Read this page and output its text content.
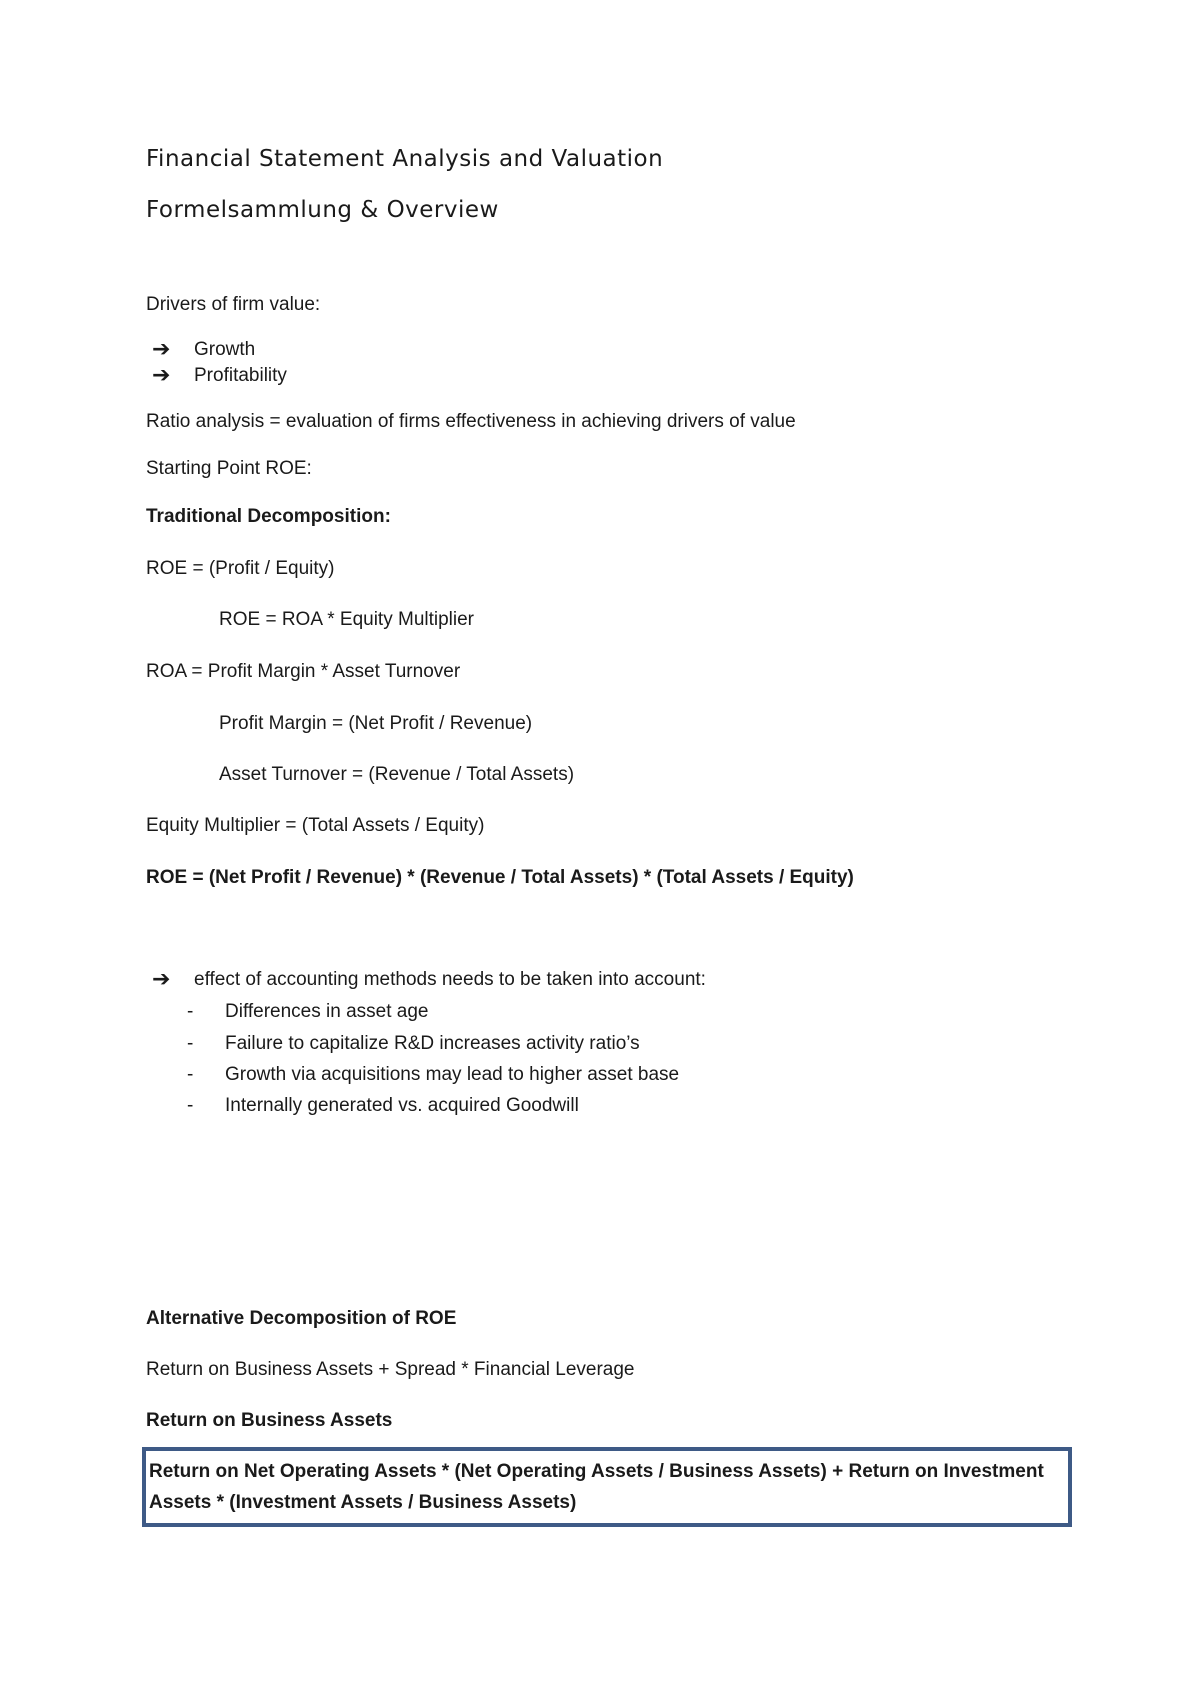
Financial Statement Analysis and Valuation
Formelsammlung & Overview
Drivers of firm value:
➔ Growth
➔ Profitability
Ratio analysis = evaluation of firms effectiveness in achieving drivers of value
Starting Point ROE:
Traditional Decomposition:
ROE = (Profit / Equity)
ROE = ROA * Equity Multiplier
ROA = Profit Margin * Asset Turnover
Profit Margin = (Net Profit / Revenue)
Asset Turnover = (Revenue / Total Assets)
Equity Multiplier = (Total Assets / Equity)
ROE = (Net Profit / Revenue) * (Revenue / Total Assets) * (Total Assets / Equity)
➔ effect of accounting methods needs to be taken into account:
- Differences in asset age
- Failure to capitalize R&D increases activity ratio’s
- Growth via acquisitions may lead to higher asset base
- Internally generated vs. acquired Goodwill
Alternative Decomposition of ROE
Return on Business Assets + Spread * Financial Leverage
Return on Business Assets
Return on Net Operating Assets * (Net Operating Assets / Business Assets) + Return on Investment
Assets * (Investment Assets / Business Assets)
